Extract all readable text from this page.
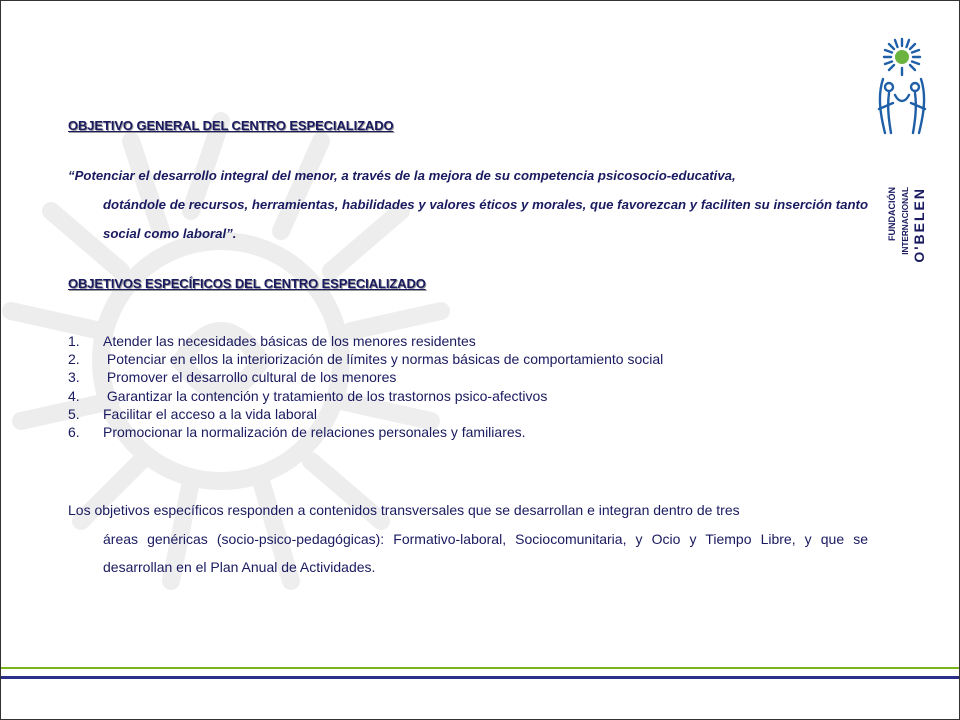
FUNDACIÓN INTERNACIONAL O'BELEN
OBJETIVO GENERAL DEL CENTRO ESPECIALIZADO
“Potenciar el desarrollo integral del menor, a través de la mejora de su competencia psicosocio-educativa,
dotándole de recursos, herramientas, habilidades y valores éticos y morales, que favorezcan y faciliten su inserción tanto social como laboral”.
OBJETIVOS ESPECÍFICOS DEL CENTRO ESPECIALIZADO
1.	Atender las necesidades básicas de los menores residentes
2.	Potenciar en ellos la interiorización de límites y normas básicas de comportamiento social
3.	Promover el desarrollo cultural de los menores
4.	Garantizar la contención y tratamiento de los trastornos psico-afectivos
5.	Facilitar el acceso a la vida laboral
6.	Promocionar la normalización de relaciones personales y familiares.
Los objetivos específicos responden a contenidos transversales que se desarrollan e integran dentro de tres
áreas genéricas (socio-psico-pedagógicas): Formativo-laboral, Sociocomunitaria, y Ocio y Tiempo Libre, y que se desarrollan en el Plan Anual de Actividades.
